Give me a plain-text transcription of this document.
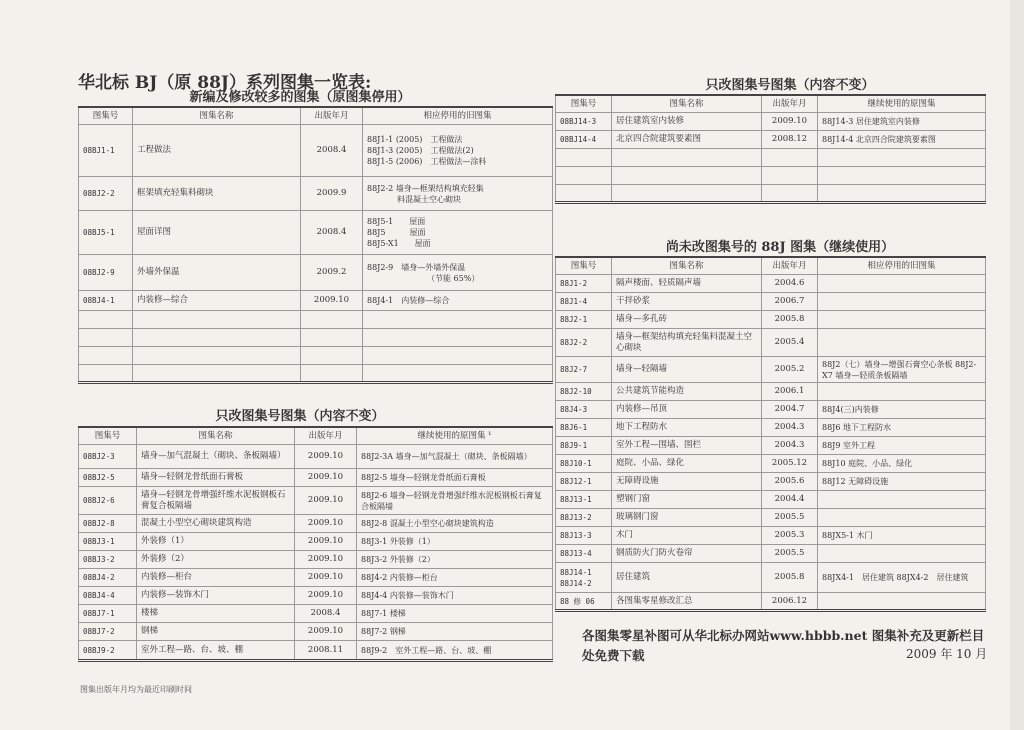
华北标 BJ（原 88J）系列图集一览表:
新编及修改较多的图集（原图集停用）
图集号	图集名称	出版年月	相应停用的旧图集
08BJ1-1	工程做法	2008.4	88J1-1 (2005)　工程做法
88J1-3 (2005)　工程做法(2)
88J1-5 (2006)　工程做法—涂料

08BJ2-2	框架填充轻集料砌块	2009.9	88J2-2 墙身—框架结构填充轻集
料混凝土空心砌块

08BJ5-1	屋面详图	2008.4	88J5-1　　屋面
88J5　　　屋面
88J5-X1　　屋面

08BJ2-9	外墙外保温	2009.2	88J2-9　墙身—外墙外保温
（节能 65%）

08BJ4-1	内装修—综合	2009.10	88J4-1　内装修—综合

只改图集号图集（内容不变）
图集号	图集名称	出版年月	继续使用的原图集 ¹
08BJ2-3	墙身—加气混凝土（砌块、条板隔墙）	2009.10	88J2-3A 墙身—加气混凝土（砌块、条板隔墙）
08BJ2-5	墙身—轻钢龙骨纸面石膏板	2009.10	88J2-5 墙身—轻钢龙骨纸面石膏板
08BJ2-6	墙身—轻钢龙骨增强纤维水泥板钢板石膏复合板隔墙	2009.10	88J2-6 墙身—轻钢龙骨增强纤维水泥板钢板石膏复合板隔墙
08BJ2-8	混凝土小型空心砌块建筑构造	2009.10	88J2-8 混凝土小型空心砌块建筑构造
08BJ3-1	外装修（1）	2009.10	88J3-1 外装修（1）
08BJ3-2	外装修（2）	2009.10	88J3-2 外装修（2）
08BJ4-2	内装修—柜台	2009.10	88J4-2 内装修—柜台
08BJ4-4	内装修—装饰木门	2009.10	88J4-4 内装修—装饰木门
08BJ7-1	楼梯	2008.4	88J7-1 楼梯
08BJ7-2	钢梯	2009.10	88J7-2 钢梯
08BJ9-2	室外工程—路、台、坡、棚	2008.11	88J9-2　室外工程—路、台、坡、棚
图集出版年月均为最近印刷时间
只改图集号图集（内容不变）
图集号	图集名称	出版年月	继续使用的原图集
08BJ14-3	居住建筑室内装修	2009.10	88J14-3 居住建筑室内装修
08BJ14-4	北京四合院建筑要素图	2008.12	88J14-4 北京四合院建筑要素图

尚未改图集号的 88J 图集（继续使用）
图集号	图集名称	出版年月	相应停用的旧图集

88J1-2	隔声楼面、轻质隔声墙	2004.6	

88J1-4	干拌砂浆	2006.7	

88J2-1	墙身—多孔砖	2005.8	

88J2-2	墙身—框架结构填充轻集料混凝土空心砌块	2005.4	

88J2-7	墙身—轻隔墙	2005.2	88J2（七）墙身—增强石膏空心条板 88J2-X7 墙身—轻质条板隔墙

88J2-10	公共建筑节能构造	2006.1	

88J4-3	内装修—吊顶	2004.7	88J4(三)内装修

88J6-1	地下工程防水	2004.3	88J6 地下工程防水

88J9-1	室外工程—围墙、围栏	2004.3	88J9 室外工程

88J10-1	庭院、小品、绿化	2005.12	88J10 庭院、小品、绿化

88J12-1	无障碍设施	2005.6	88J12 无障碍设施

88J13-1	塑钢门窗	2004.4	

88J13-2	玻璃钢门窗	2005.5	

88J13-3	木门	2005.3	88JX5-1 木门

88J13-4	钢质防火门防火卷帘	2005.5	

88J14-1
88J14-2	居住建筑	2005.8	88JX4-1　居住建筑 88JX4-2　居住建筑

88 修 06	各图集零星修改汇总	2006.12	
各图集零星补图可从华北标办网站www.hbbb.net 图集补充及更新栏目处免费下载	2009 年 10 月
